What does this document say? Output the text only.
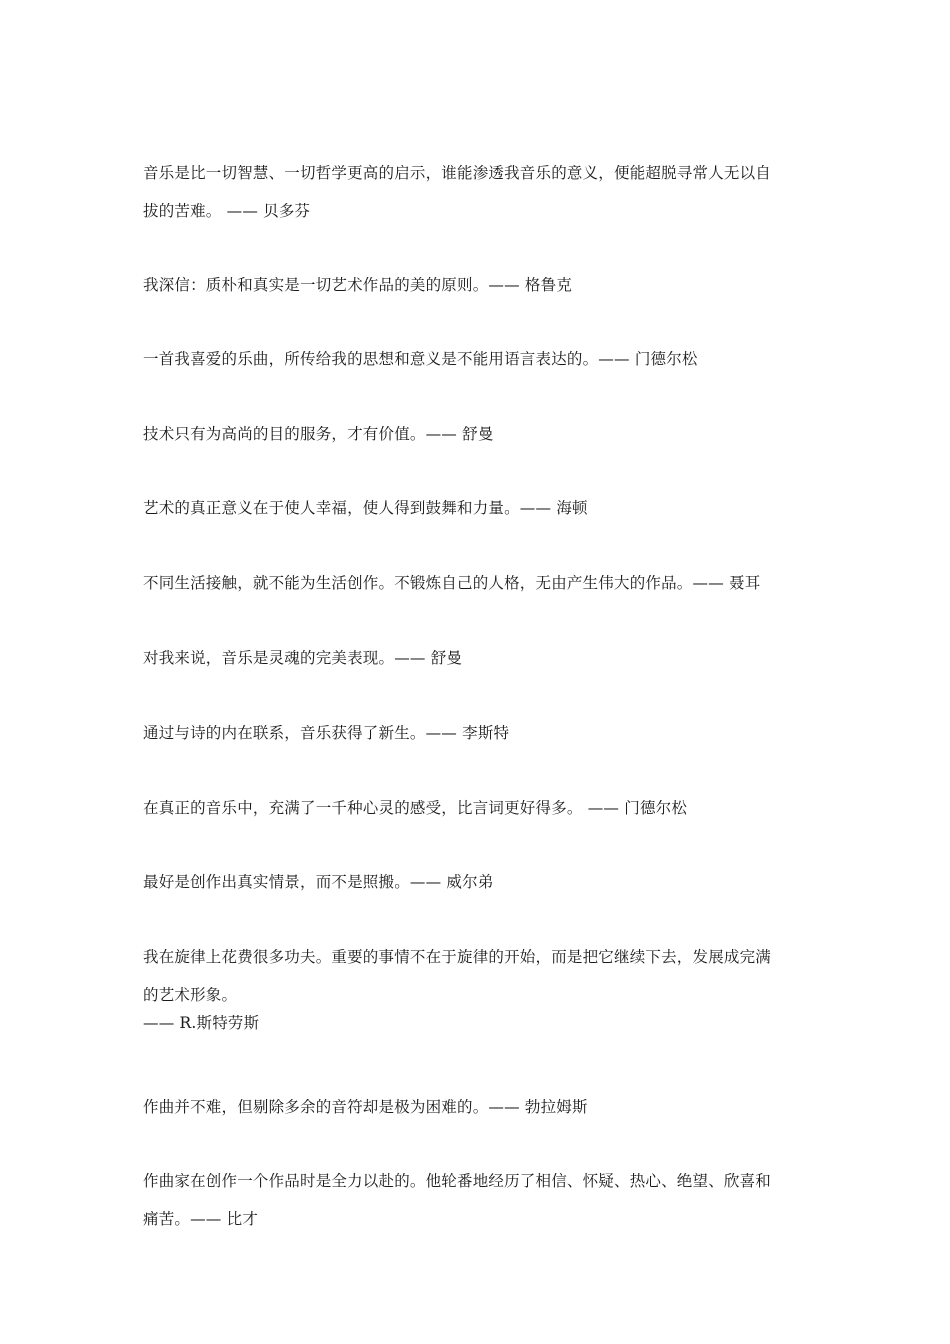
音乐是比一切智慧、一切哲学更高的启示，谁能渗透我音乐的意义，便能超脱寻常人无以自

拔的苦难。 —— 贝多芬

我深信：质朴和真实是一切艺术作品的美的原则。—— 格鲁克

一首我喜爱的乐曲，所传给我的思想和意义是不能用语言表达的。—— 门德尔松

技术只有为高尚的目的服务，才有价值。—— 舒曼

艺术的真正意义在于使人幸福，使人得到鼓舞和力量。—— 海顿

不同生活接触，就不能为生活创作。不锻炼自己的人格，无由产生伟大的作品。—— 聂耳

对我来说，音乐是灵魂的完美表现。—— 舒曼

通过与诗的内在联系，音乐获得了新生。—— 李斯特

在真正的音乐中，充满了一千种心灵的感受，比言词更好得多。 —— 门德尔松

最好是创作出真实情景，而不是照搬。—— 威尔弟

我在旋律上花费很多功夫。重要的事情不在于旋律的开始，而是把它继续下去，发展成完满

的艺术形象。

—— R.斯特劳斯

作曲并不难，但剔除多余的音符却是极为困难的。—— 勃拉姆斯

作曲家在创作一个作品时是全力以赴的。他轮番地经历了相信、怀疑、热心、绝望、欣喜和

痛苦。—— 比才
